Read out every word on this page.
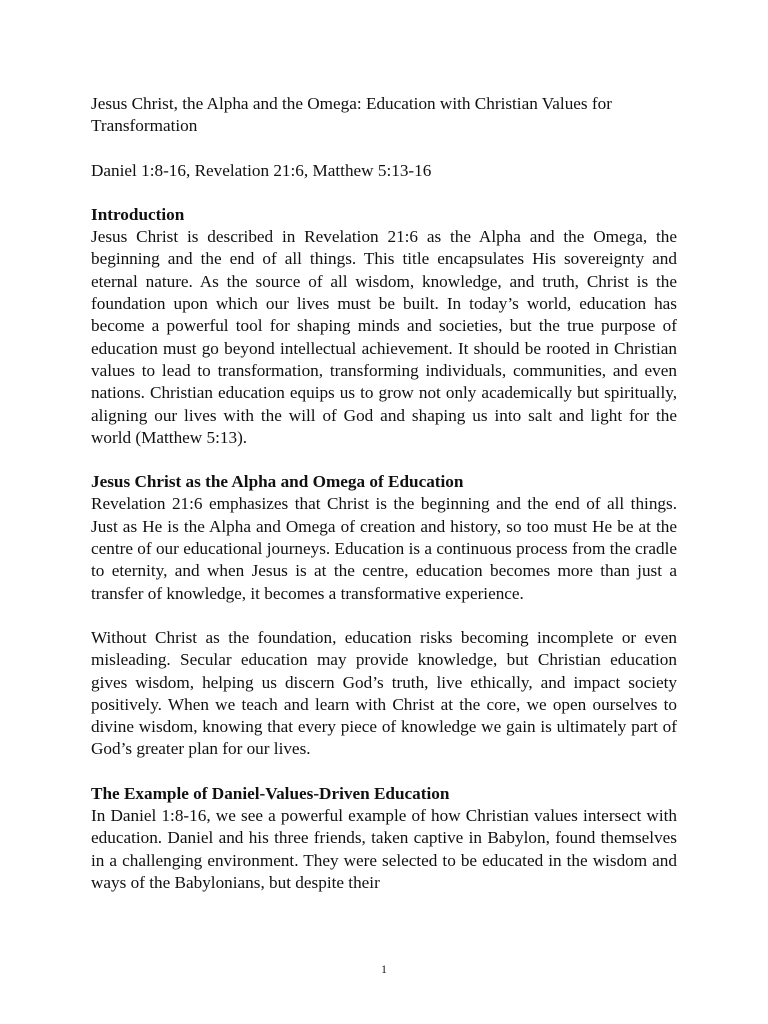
Jesus Christ, the Alpha and the Omega: Education with Christian Values for Transformation

Daniel 1:8-16, Revelation 21:6, Matthew 5:13-16

Introduction

Jesus Christ is described in Revelation 21:6 as the Alpha and the Omega, the beginning and the end of all things. This title encapsulates His sovereignty and eternal nature. As the source of all wisdom, knowledge, and truth, Christ is the foundation upon which our lives must be built. In today’s world, education has become a powerful tool for shaping minds and societies, but the true purpose of education must go beyond intellectual achievement. It should be rooted in Christian values to lead to transformation, transforming individuals, communities, and even nations. Christian education equips us to grow not only academically but spiritually, aligning our lives with the will of God and shaping us into salt and light for the world (Matthew 5:13).

Jesus Christ as the Alpha and Omega of Education

Revelation 21:6 emphasizes that Christ is the beginning and the end of all things. Just as He is the Alpha and Omega of creation and history, so too must He be at the centre of our educational journeys. Education is a continuous process from the cradle to eternity, and when Jesus is at the centre, education becomes more than just a transfer of knowledge, it becomes a transformative experience.

Without Christ as the foundation, education risks becoming incomplete or even misleading. Secular education may provide knowledge, but Christian education gives wisdom, helping us discern God’s truth, live ethically, and impact society positively. When we teach and learn with Christ at the core, we open ourselves to divine wisdom, knowing that every piece of knowledge we gain is ultimately part of God’s greater plan for our lives.

The Example of Daniel-Values-Driven Education

In Daniel 1:8-16, we see a powerful example of how Christian values intersect with education. Daniel and his three friends, taken captive in Babylon, found themselves in a challenging environment. They were selected to be educated in the wisdom and ways of the Babylonians, but despite their

1
